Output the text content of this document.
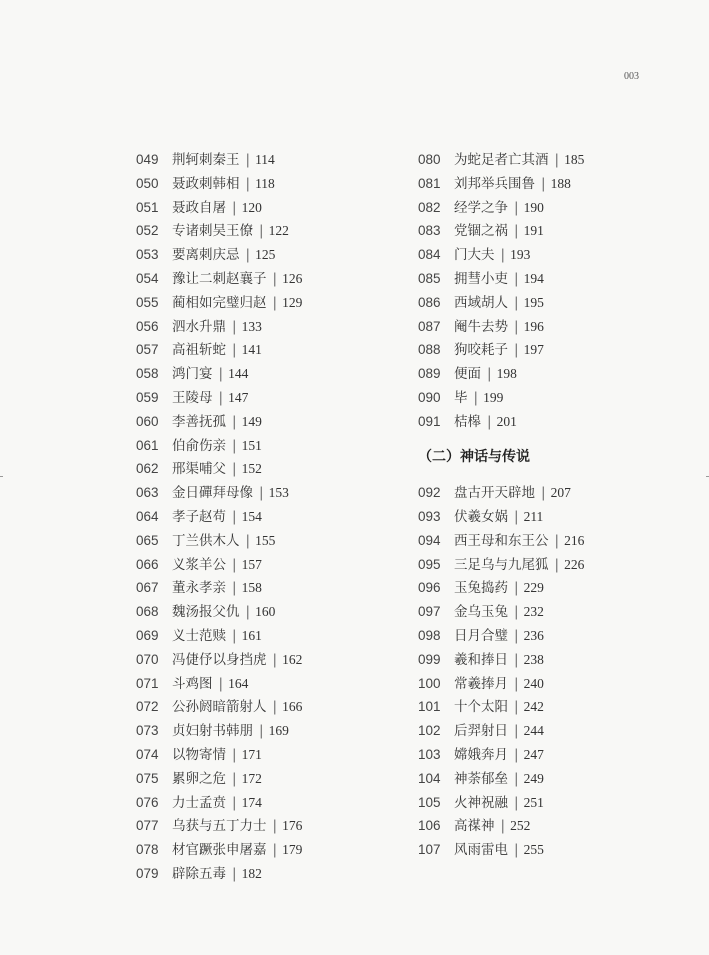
003
049 荆轲刺秦王 | 114
050 聂政刺韩相 | 118
051 聂政自屠 | 120
052 专诸刺吴王僚 | 122
053 要离刺庆忌 | 125
054 豫让二刺赵襄子 | 126
055 蔺相如完璧归赵 | 129
056 泗水升鼎 | 133
057 高祖斩蛇 | 141
058 鸿门宴 | 144
059 王陵母 | 147
060 李善抚孤 | 149
061 伯俞伤亲 | 151
062 邢渠哺父 | 152
063 金日磾拜母像 | 153
064 孝子赵苟 | 154
065 丁兰供木人 | 155
066 义浆羊公 | 157
067 董永孝亲 | 158
068 魏汤报父仇 | 160
069 义士范赎 | 161
070 冯倢伃以身挡虎 | 162
071 斗鸡图 | 164
072 公孙阏暗箭射人 | 166
073 贞妇射书韩朋 | 169
074 以物寄情 | 171
075 累卵之危 | 172
076 力士孟贲 | 174
077 乌获与五丁力士 | 176
078 材官蹶张申屠嘉 | 179
079 辟除五毒 | 182
080 为蛇足者亡其酒 | 185
081 刘邦举兵围鲁 | 188
082 经学之争 | 190
083 党锢之祸 | 191
084 门大夫 | 193
085 拥彗小吏 | 194
086 西域胡人 | 195
087 阉牛去势 | 196
088 狗咬耗子 | 197
089 便面 | 198
090 毕 | 199
091 桔槔 | 201
（二）神话与传说
092 盘古开天辟地 | 207
093 伏羲女娲 | 211
094 西王母和东王公 | 216
095 三足乌与九尾狐 | 226
096 玉兔捣药 | 229
097 金乌玉兔 | 232
098 日月合璧 | 236
099 羲和捧日 | 238
100 常羲捧月 | 240
101 十个太阳 | 242
102 后羿射日 | 244
103 嫦娥奔月 | 247
104 神荼郁垒 | 249
105 火神祝融 | 251
106 高禖神 | 252
107 风雨雷电 | 255
